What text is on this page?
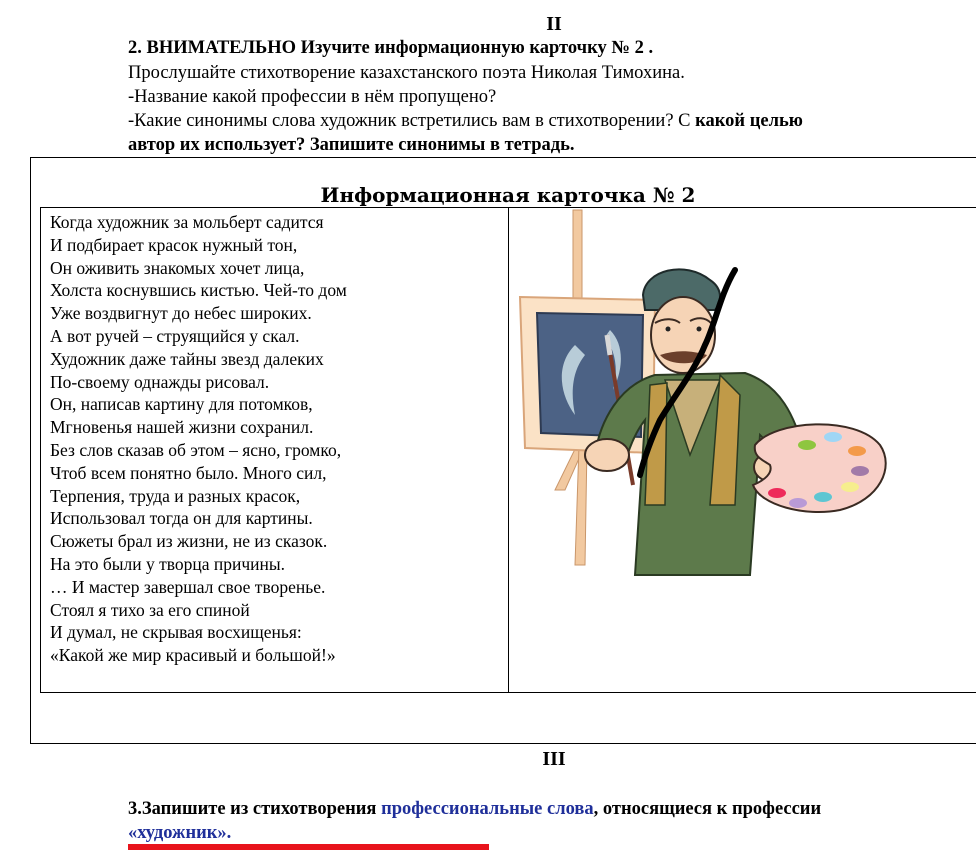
II
2. ВНИМАТЕЛЬНО Изучите информационную карточку № 2 .
Прослушайте стихотворение казахстанского поэта Николая Тимохина.
-Название какой профессии в нём пропущено?
-Какие синонимы слова художник встретились вам в стихотворении? С какой целью
автор их использует? Запишите синонимы в тетрадь.
Информационная карточка № 2
Когда художник за мольберт садится
И подбирает красок нужный тон,
Он оживить знакомых хочет лица,
Холста коснувшись кистью. Чей-то дом
Уже воздвигнут до небес широких.
А вот ручей – струящийся у скал.
Художник даже тайны звезд далеких
По-своему однажды рисовал.
Он, написав картину для потомков,
Мгновенья нашей жизни сохранил.
Без слов сказав об этом – ясно, громко,
Чтоб всем понятно было. Много сил,
Терпения, труда и разных красок,
Использовал тогда он для картины.
Сюжеты брал из жизни, не из сказок.
На это были у творца причины.
… И мастер завершал свое творенье.
Стоял я тихо за его спиной
И думал, не скрывая восхищенья:
«Какой же мир красивый и большой!»
III
3.Запишите из стихотворения профессиональные слова, относящиеся к профессии
«художник».
